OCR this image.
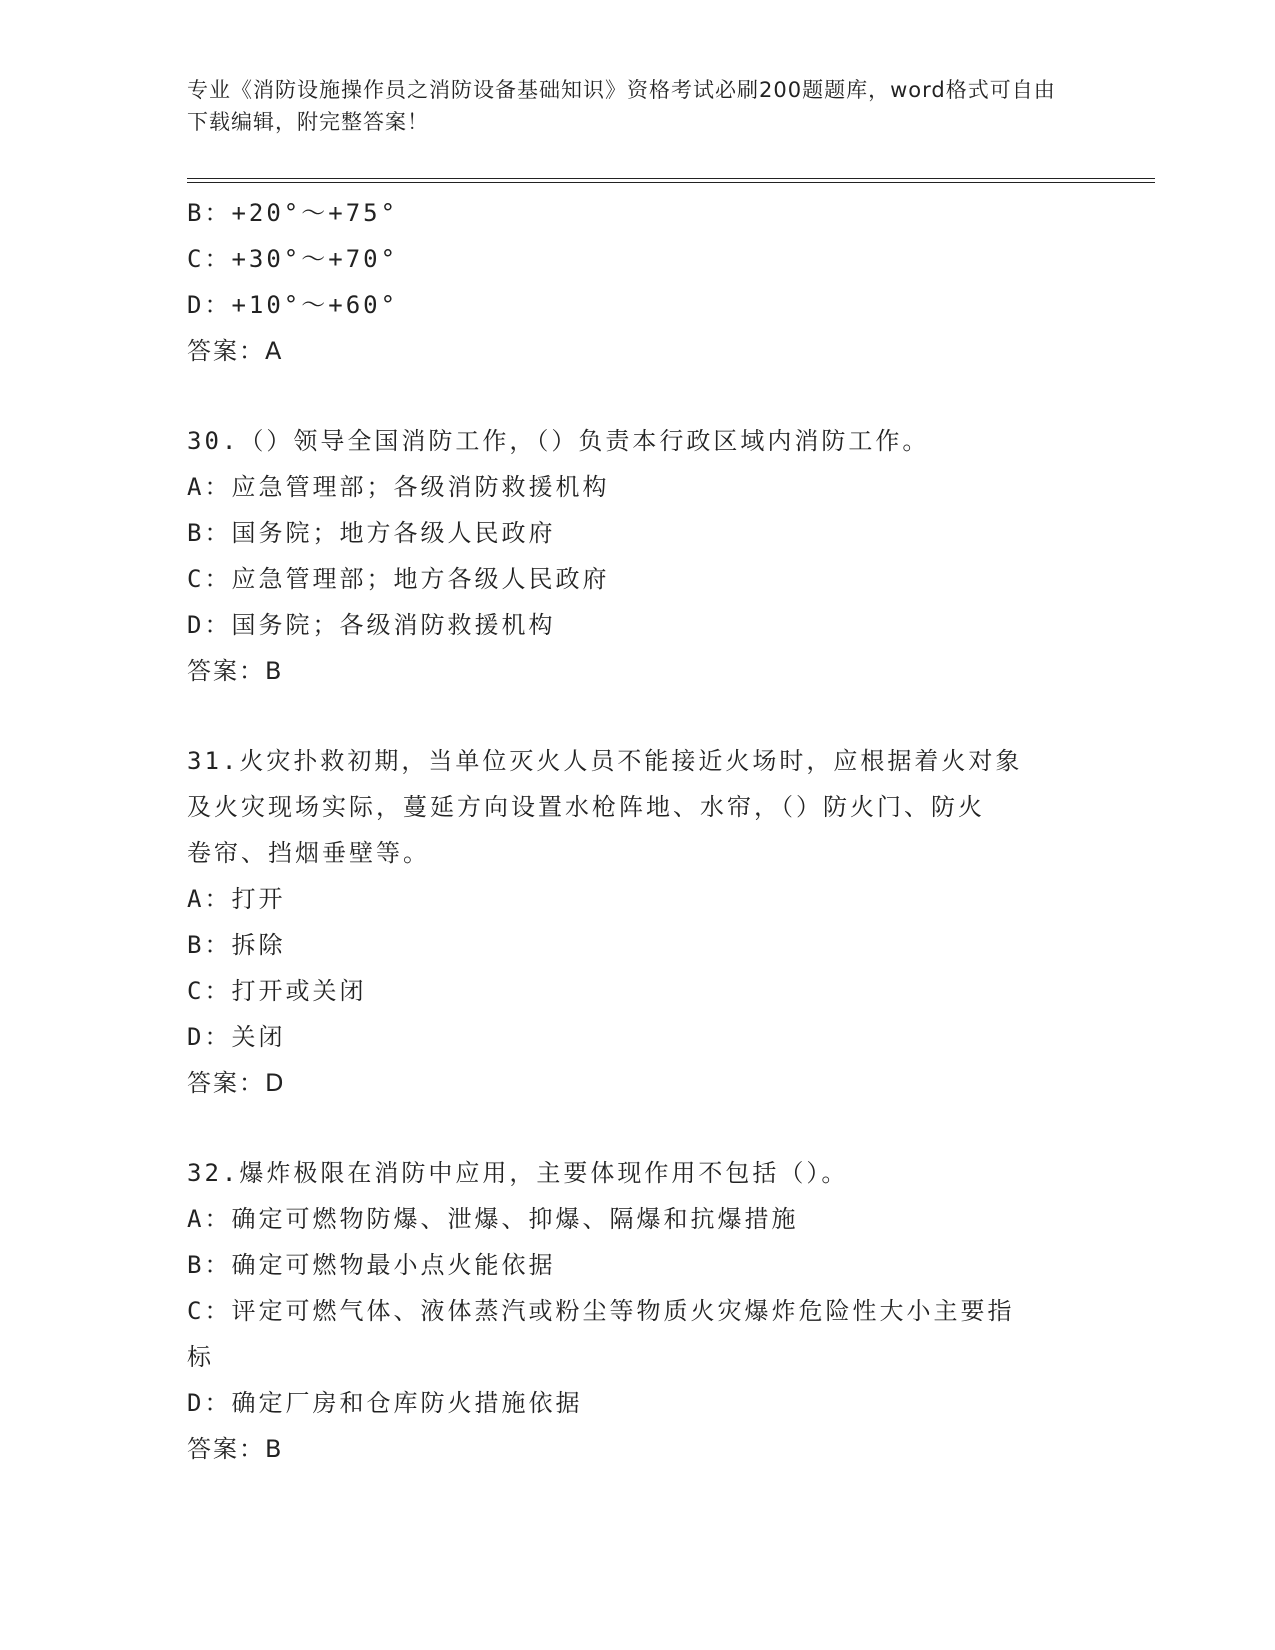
专业《消防设施操作员之消防设备基础知识》资格考试必刷200题题库，word格式可自由下载编辑，附完整答案！
B：+20°～+75°
C：+30°～+70°
D：+10°～+60°
答案：A
30.（）领导全国消防工作，（）负责本行政区域内消防工作。
A：应急管理部；各级消防救援机构
B：国务院；地方各级人民政府
C：应急管理部；地方各级人民政府
D：国务院；各级消防救援机构
答案：B
31.火灾扑救初期，当单位灭火人员不能接近火场时，应根据着火对象
及火灾现场实际，蔓延方向设置水枪阵地、水帘，（）防火门、防火
卷帘、挡烟垂壁等。
A：打开
B：拆除
C：打开或关闭
D：关闭
答案：D
32.爆炸极限在消防中应用，主要体现作用不包括（）。
A：确定可燃物防爆、泄爆、抑爆、隔爆和抗爆措施
B：确定可燃物最小点火能依据
C：评定可燃气体、液体蒸汽或粉尘等物质火灾爆炸危险性大小主要指
标
D：确定厂房和仓库防火措施依据
答案：B
